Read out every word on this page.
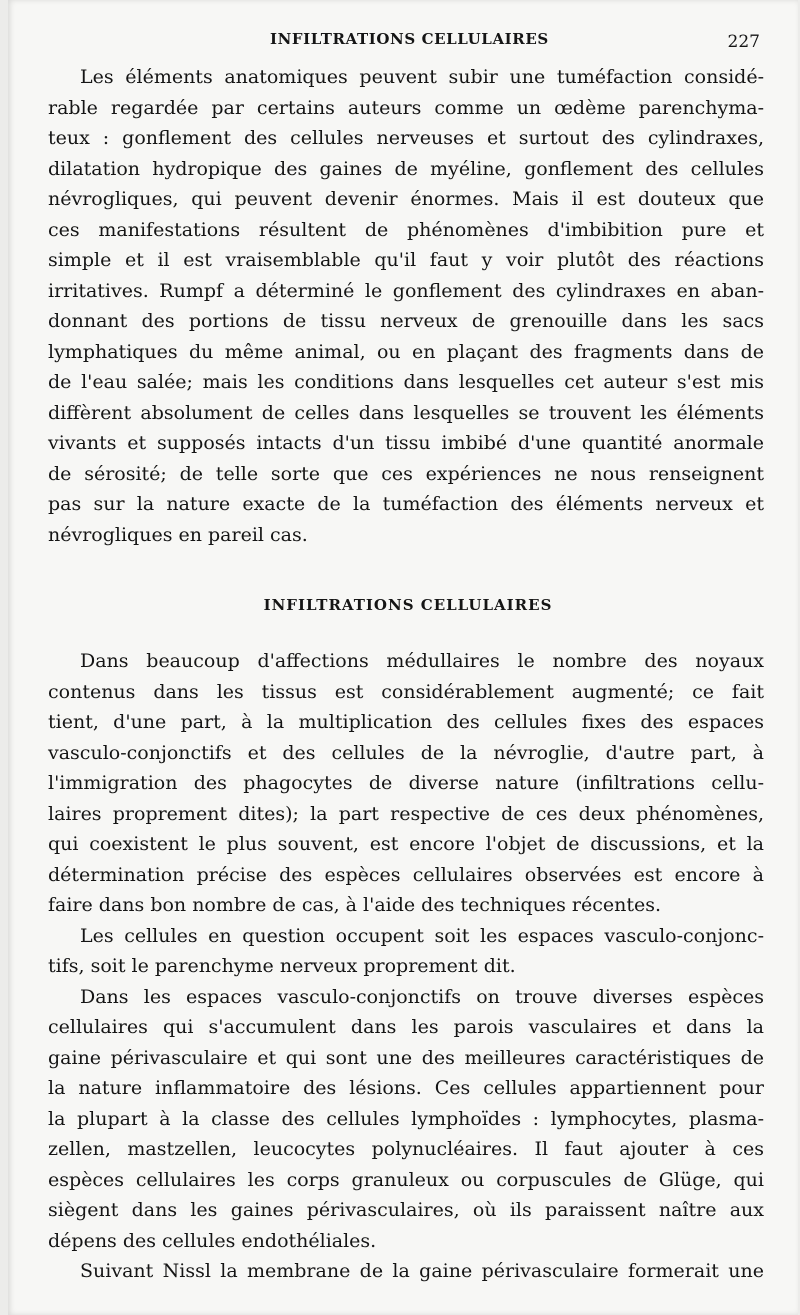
INFILTRATIONS CELLULAIRES	227
Les éléments anatomiques peuvent subir une tuméfaction considé-
rable regardée par certains auteurs comme un œdème parenchyma-
teux : gonflement des cellules nerveuses et surtout des cylindraxes,
dilatation hydropique des gaines de myéline, gonflement des cellules
névrogliques, qui peuvent devenir énormes. Mais il est douteux que
ces manifestations résultent de phénomènes d'imbibition pure et
simple et il est vraisemblable qu'il faut y voir plutôt des réactions
irritatives. Rumpf a déterminé le gonflement des cylindraxes en aban-
donnant des portions de tissu nerveux de grenouille dans les sacs
lymphatiques du même animal, ou en plaçant des fragments dans de
de l'eau salée; mais les conditions dans lesquelles cet auteur s'est mis
diffèrent absolument de celles dans lesquelles se trouvent les éléments
vivants et supposés intacts d'un tissu imbibé d'une quantité anormale
de sérosité; de telle sorte que ces expériences ne nous renseignent
pas sur la nature exacte de la tuméfaction des éléments nerveux et
névrogliques en pareil cas.
INFILTRATIONS CELLULAIRES
Dans beaucoup d'affections médullaires le nombre des noyaux
contenus dans les tissus est considérablement augmenté; ce fait
tient, d'une part, à la multiplication des cellules fixes des espaces
vasculo-conjonctifs et des cellules de la névroglie, d'autre part, à
l'immigration des phagocytes de diverse nature (infiltrations cellu-
laires proprement dites); la part respective de ces deux phénomènes,
qui coexistent le plus souvent, est encore l'objet de discussions, et la
détermination précise des espèces cellulaires observées est encore à
faire dans bon nombre de cas, à l'aide des techniques récentes.
Les cellules en question occupent soit les espaces vasculo-conjonc-
tifs, soit le parenchyme nerveux proprement dit.
Dans les espaces vasculo-conjonctifs on trouve diverses espèces
cellulaires qui s'accumulent dans les parois vasculaires et dans la
gaine périvasculaire et qui sont une des meilleures caractéristiques de
la nature inflammatoire des lésions. Ces cellules appartiennent pour
la plupart à la classe des cellules lymphoïdes : lymphocytes, plasma-
zellen, mastzellen, leucocytes polynucléaires. Il faut ajouter à ces
espèces cellulaires les corps granuleux ou corpuscules de Glüge, qui
siègent dans les gaines périvasculaires, où ils paraissent naître aux
dépens des cellules endothéliales.
Suivant Nissl la membrane de la gaine périvasculaire formerait une
